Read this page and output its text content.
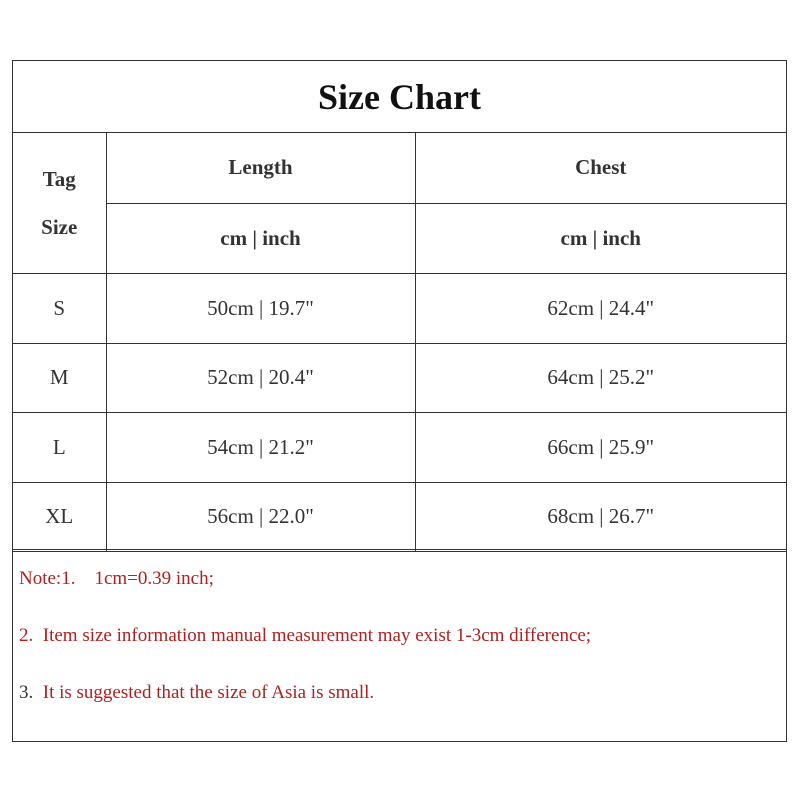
Size Chart
Tag
Size	Length	Chest
	cm | inch	cm | inch
S	50cm | 19.7"	62cm | 24.4"
M	52cm | 20.4"	64cm | 25.2"
L	54cm | 21.2"	66cm | 25.9"
XL	56cm | 22.0"	68cm | 26.7"
Note:1.    1cm=0.39 inch;
2.  Item size information manual measurement may exist 1-3cm difference;
3. It is suggested that the size of Asia is small.
